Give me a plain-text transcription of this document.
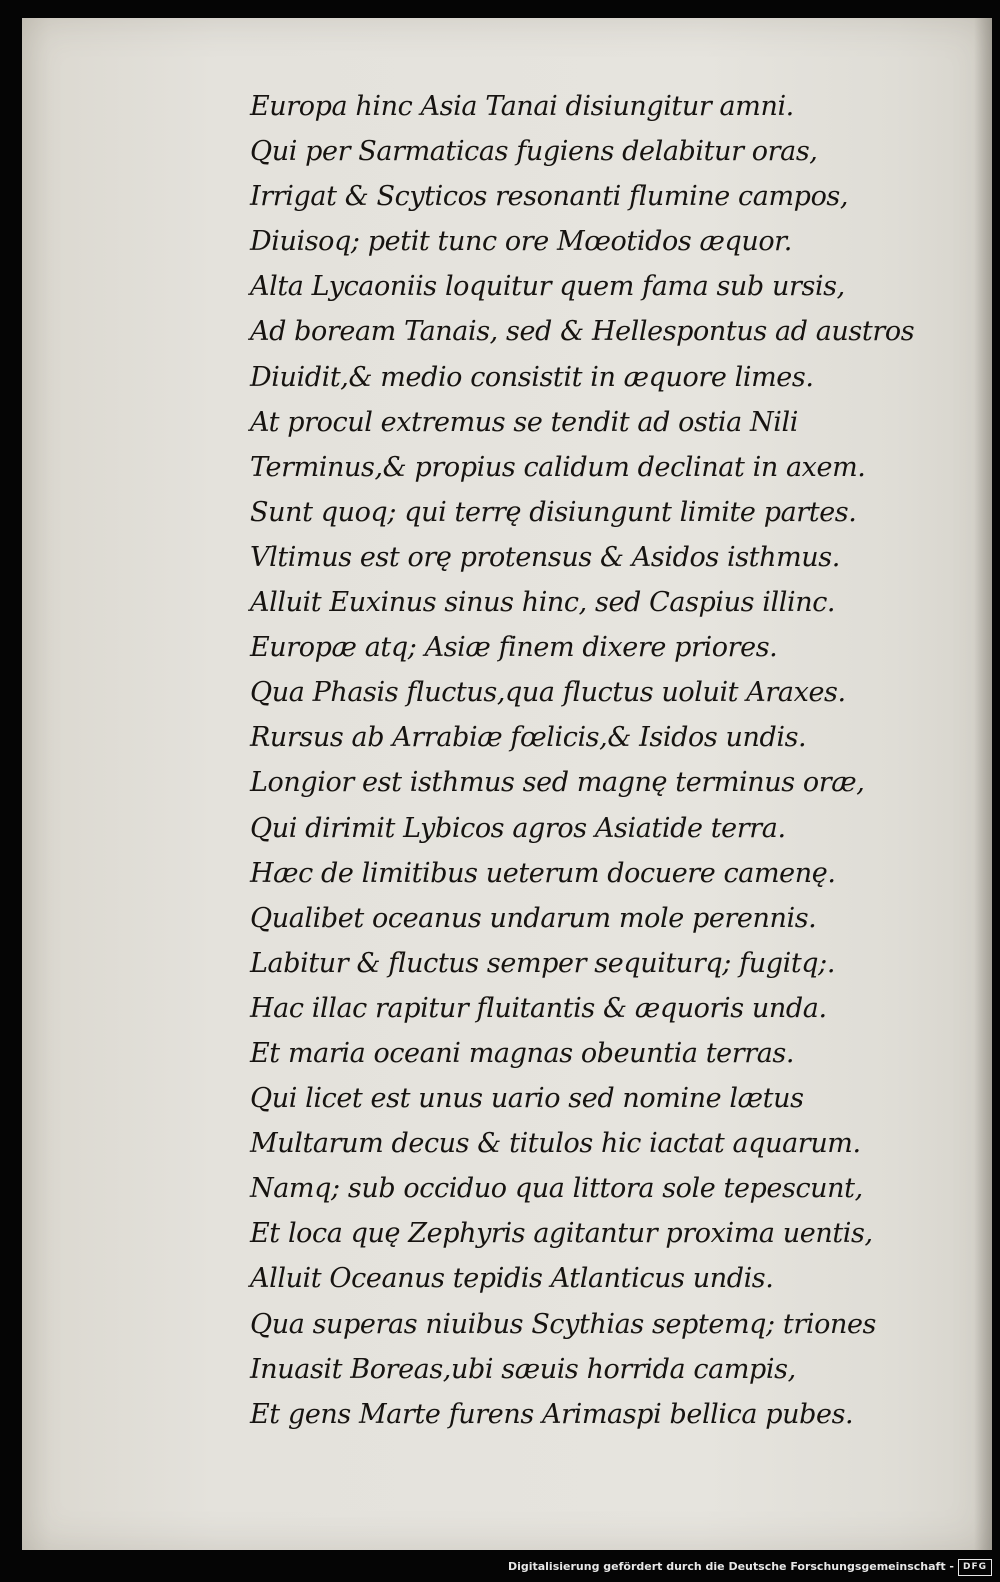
Europa hinc Asia Tanai disiungitur amni.
Qui per Sarmaticas fugiens delabitur oras,
Irrigat & Scyticos resonanti flumine campos,
Diuisoq; petit tunc ore Mœotidos æquor.
Alta Lycaoniis loquitur quem fama sub ursis,
Ad boream Tanais, sed & Hellespontus ad austros
Diuidit,& medio consistit in æquore limes.
At procul extremus se tendit ad ostia Nili
Terminus,& propius calidum declinat in axem.
Sunt quoq; qui terrę disiungunt limite partes.
Vltimus est orę protensus & Asidos isthmus.
Alluit Euxinus sinus hinc, sed Caspius illinc.
Europæ atq; Asiæ finem dixere priores.
Qua Phasis fluctus,qua fluctus uoluit Araxes.
Rursus ab Arrabiæ fœlicis,& Isidos undis.
Longior est isthmus sed magnę terminus oræ,
Qui dirimit Lybicos agros Asiatide terra.
Hæc de limitibus ueterum docuere camenę.
Qualibet oceanus undarum mole perennis.
Labitur & fluctus semper sequiturq; fugitq;.
Hac illac rapitur fluitantis & æquoris unda.
Et maria oceani magnas obeuntia terras.
Qui licet est unus uario sed nomine lætus
Multarum decus & titulos hic iactat aquarum.
Namq; sub occiduo qua littora sole tepescunt,
Et loca quę Zephyris agitantur proxima uentis,
Alluit Oceanus tepidis Atlanticus undis.
Qua superas niuibus Scythias septemq; triones
Inuasit Boreas,ubi sæuis horrida campis,
Et gens Marte furens Arimaspi bellica pubes.
Digitalisierung gefördert durch die Deutsche Forschungsgemeinschaft - DFG
